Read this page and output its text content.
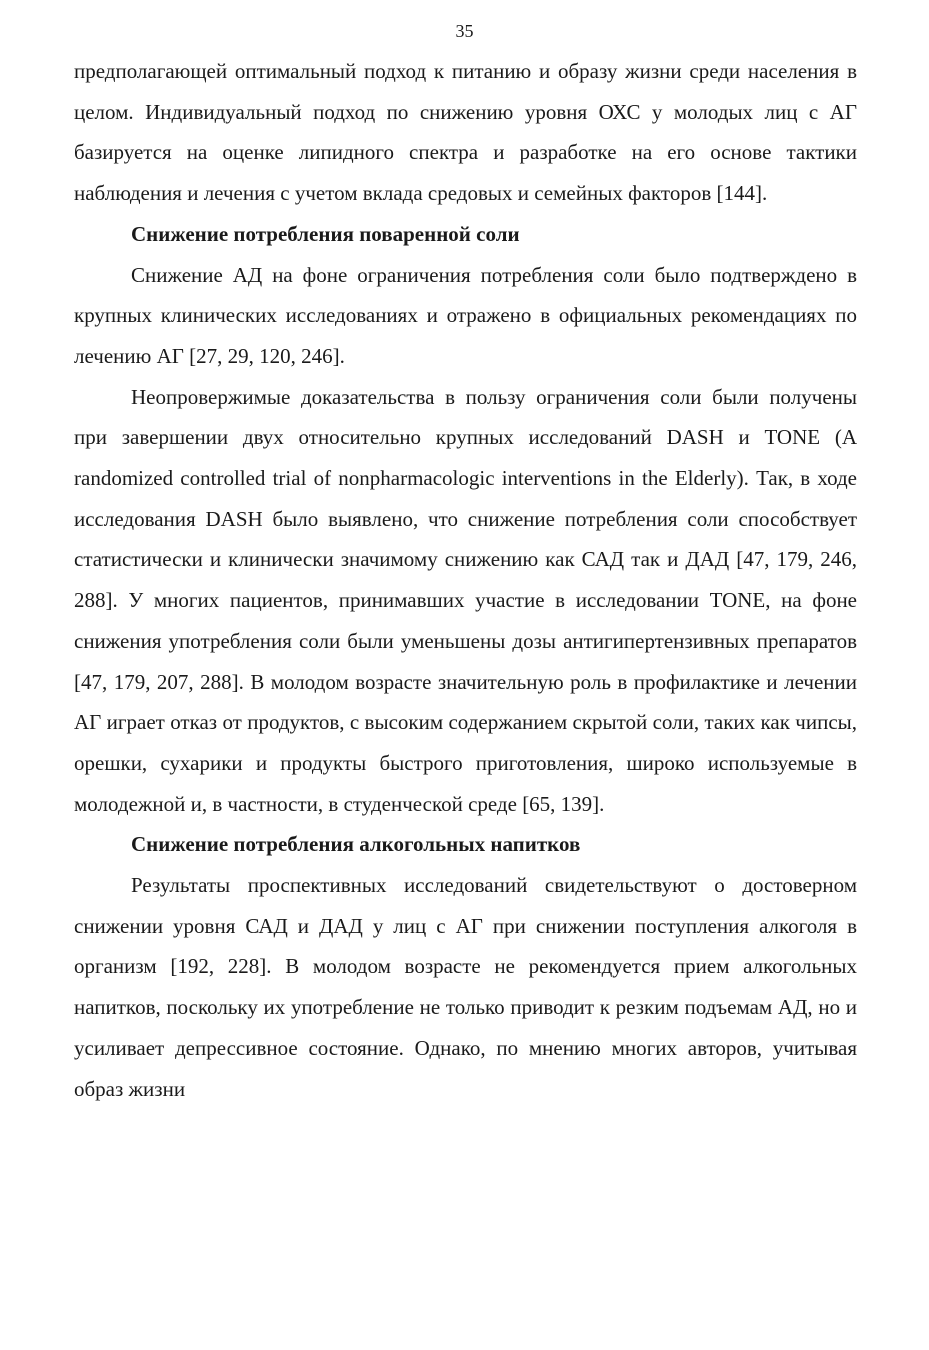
35

предполагающей оптимальный подход к питанию и образу жизни среди населения в целом. Индивидуальный подход по снижению уровня ОХС у молодых лиц с АГ базируется на оценке липидного спектра и разработке на его основе тактики наблюдения и лечения с учетом вклада средовых и семейных факторов [144].

Снижение потребления поваренной соли

Снижение АД на фоне ограничения потребления соли было подтверждено в крупных клинических исследованиях и отражено в официальных рекомендациях по лечению АГ [27, 29, 120, 246].

Неопровержимые доказательства в пользу ограничения соли были получены при завершении двух относительно крупных исследований DASH и TONE (A randomized controlled trial of nonpharmacologic interventions in the Elderly). Так, в ходе исследования DASH было выявлено, что снижение потребления соли способствует статистически и клинически значимому снижению как САД так и ДАД [47, 179, 246, 288]. У многих пациентов, принимавших участие в исследовании TONE, на фоне снижения употребления соли были уменьшены дозы антигипертензивных препаратов [47, 179, 207, 288]. В молодом возрасте значительную роль в профилактике и лечении АГ играет отказ от продуктов, с высоким содержанием скрытой соли, таких как чипсы, орешки, сухарики и продукты быстрого приготовления, широко используемые в молодежной и, в частности, в студенческой среде [65, 139].

Снижение потребления алкогольных напитков

Результаты проспективных исследований свидетельствуют о достоверном снижении уровня САД и ДАД у лиц с АГ при снижении поступления алкоголя в организм [192, 228]. В молодом возрасте не рекомендуется прием алкогольных напитков, поскольку их употребление не только приводит к резким подъемам АД, но и усиливает депрессивное состояние. Однако, по мнению многих авторов, учитывая образ жизни
